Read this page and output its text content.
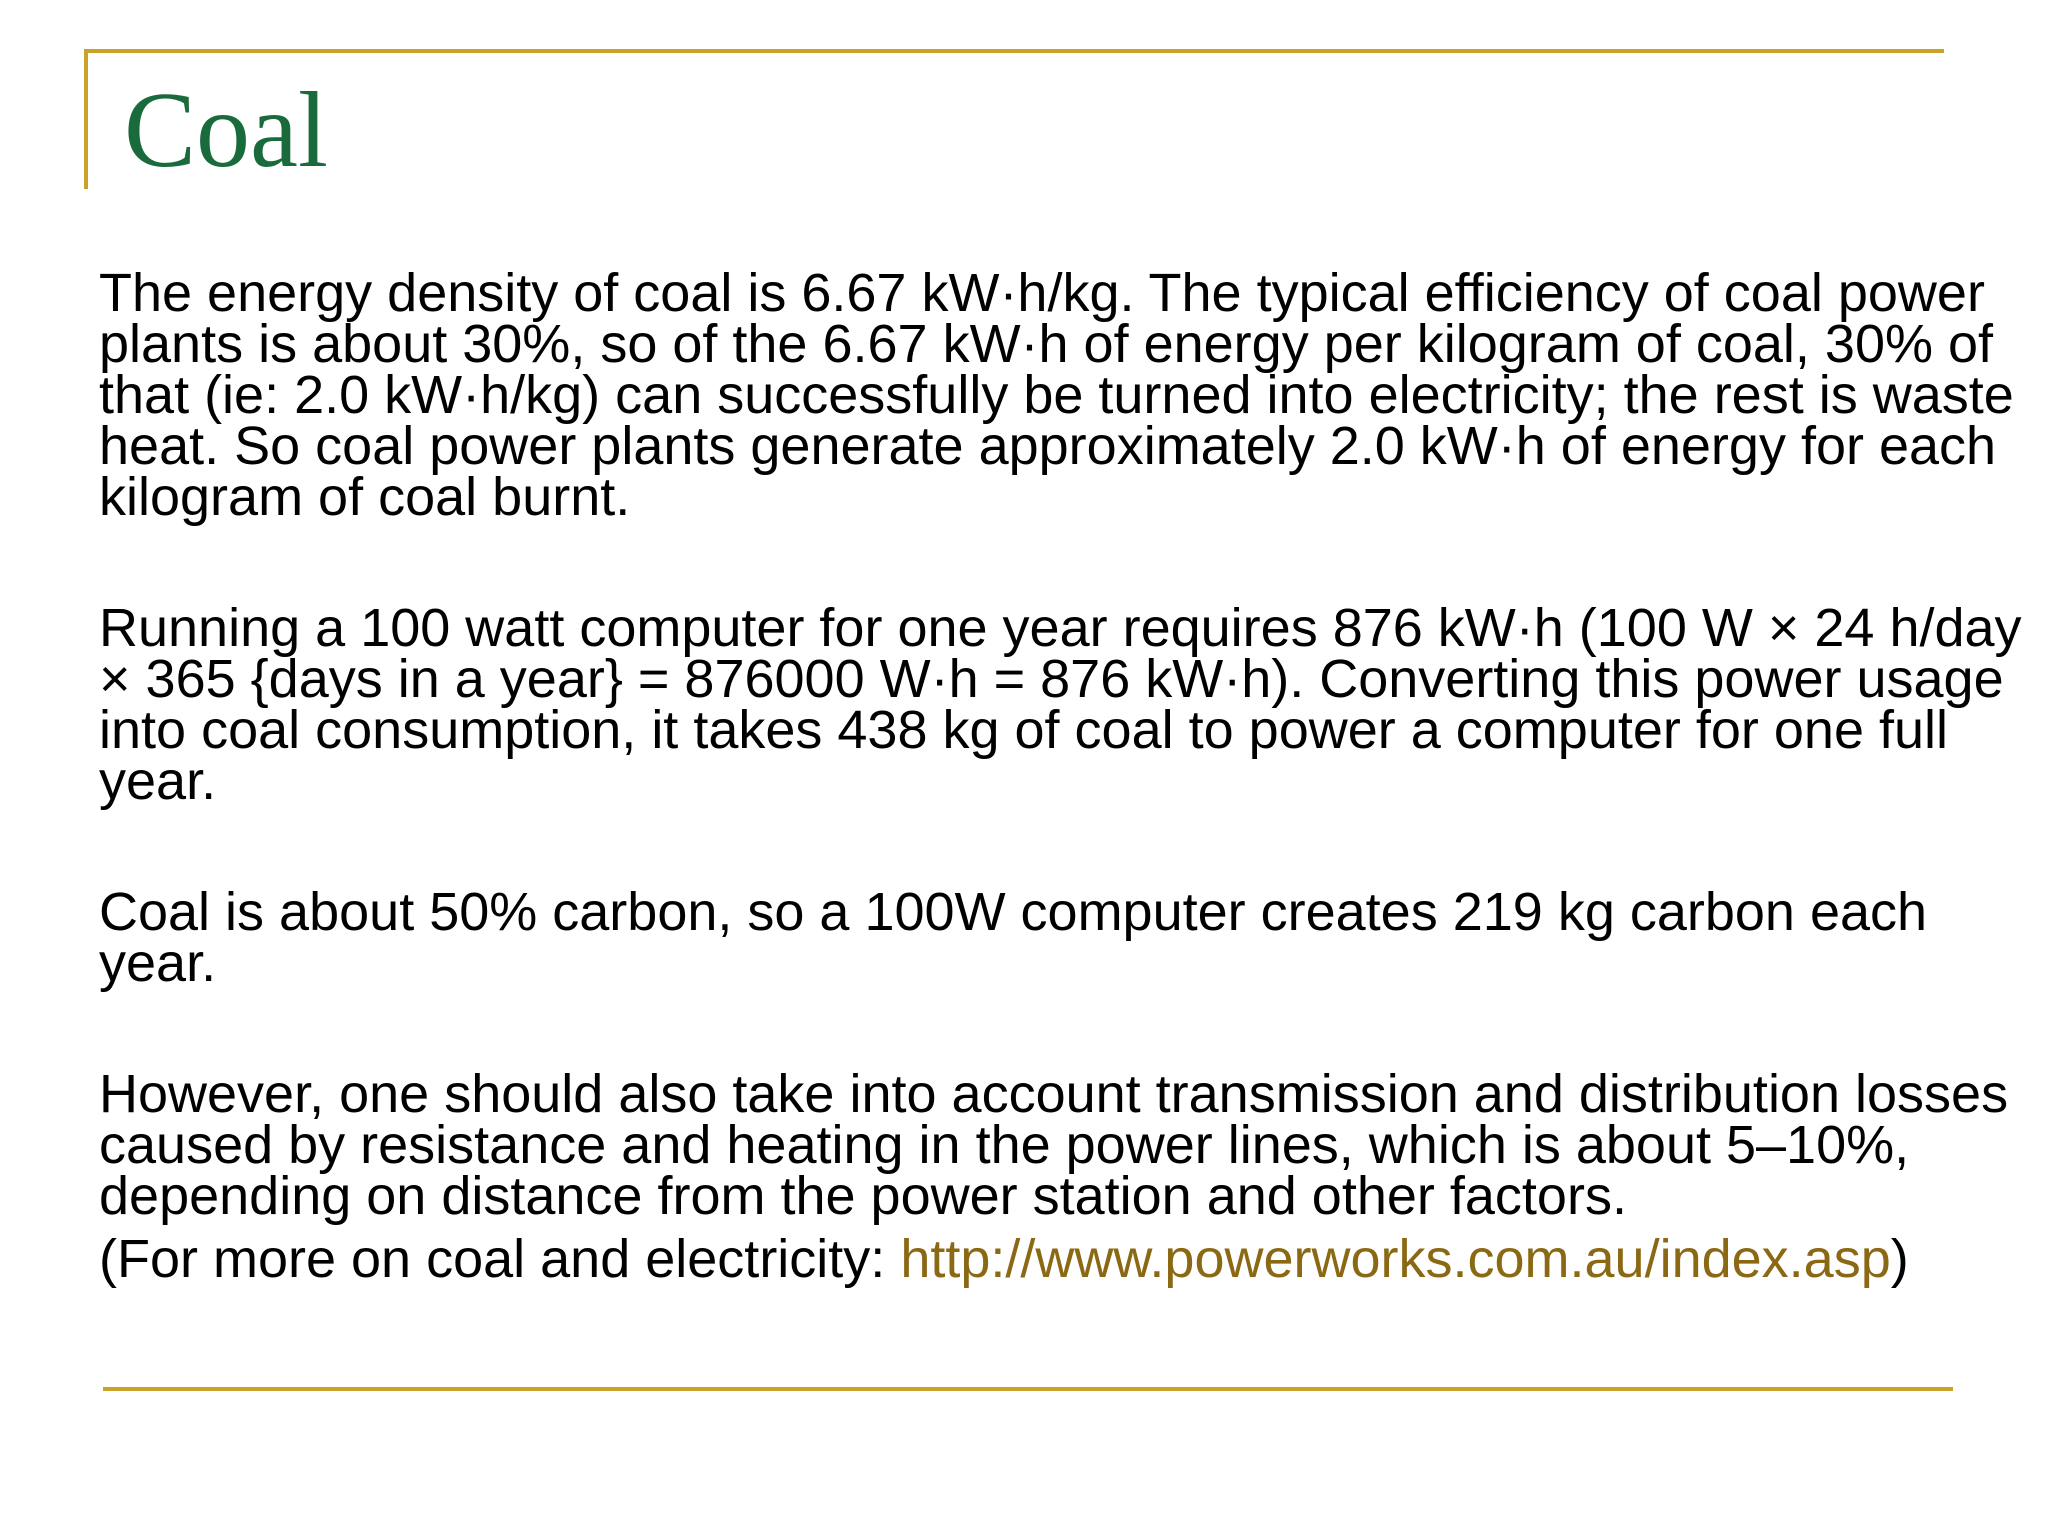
Coal

The energy density of coal is 6.67 kW·h/kg. The typical efficiency of coal power plants is about 30%, so of the 6.67 kW·h of energy per kilogram of coal, 30% of that (ie: 2.0 kW·h/kg) can successfully be turned into electricity; the rest is waste heat. So coal power plants generate approximately 2.0 kW·h of energy for each kilogram of coal burnt.

Running a 100 watt computer for one year requires 876 kW·h (100 W × 24 h/day × 365 {days in a year} = 876000 W·h = 876 kW·h). Converting this power usage into coal consumption, it takes 438 kg of coal to power a computer for one full year.

Coal is about 50% carbon, so a 100W computer creates 219 kg carbon each year.

However, one should also take into account transmission and distribution losses caused by resistance and heating in the power lines, which is about 5–10%, depending on distance from the power station and other factors.

(For more on coal and electricity: http://www.powerworks.com.au/index.asp)
